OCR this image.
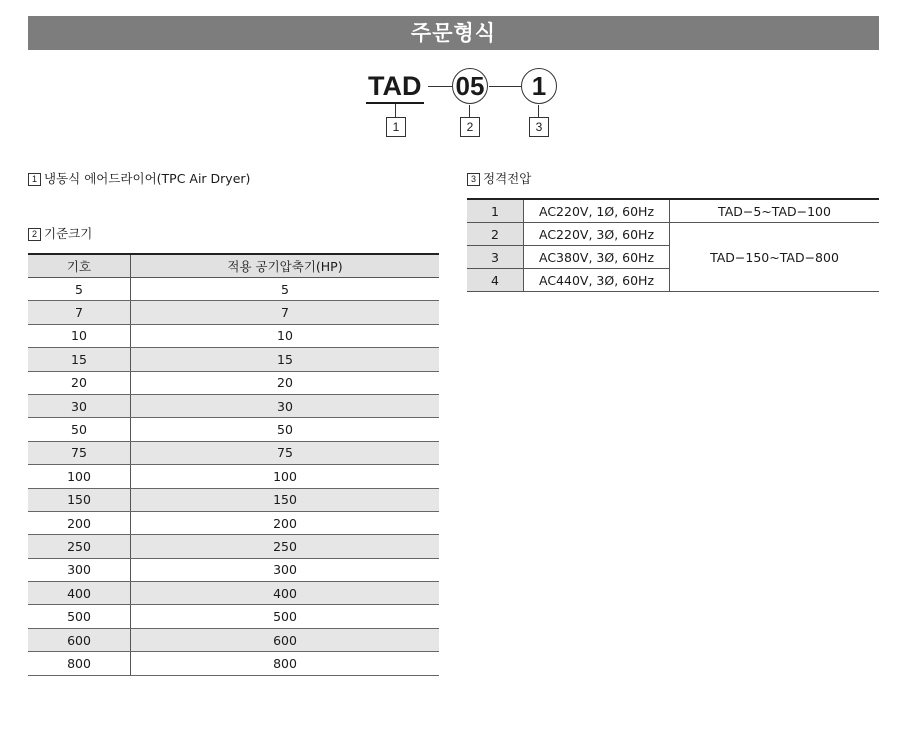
주문형식
TAD 05	1
1	2	3
1 냉동식 에어드라이어(TPC Air Dryer)
2 기준크기
3 정격전압
기호	적용 공기압축기(HP)
5	5
7	7
10	10
15	15
20	20
30	30
50	50
75	75
100	100
150	150
200	200
250	250
300	300
400	400
500	500
600	600
800	800
1	AC220V, 1Ø, 60Hz	TAD−5~TAD−100
2	AC220V, 3Ø, 60Hz	TAD−150~TAD−800
3	AC380V, 3Ø, 60Hz	
4	AC440V, 3Ø, 60Hz	
